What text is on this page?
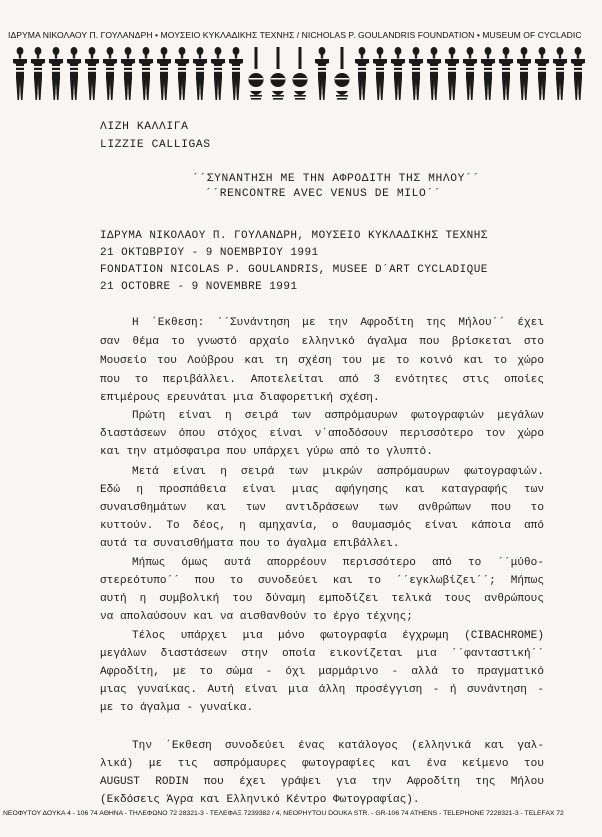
ΙΔΡΥΜΑ ΝΙΚΟΛΑΟΥ Π. ΓΟΥΛΑΝΔΡΗ • ΜΟΥΣΕΙΟ ΚΥΚΛΑΔΙΚΗΣ ΤΕΧΝΗΣ / NICHOLAS P. GOULANDRIS FOUNDATION • MUSEUM OF CYCLADIC
ΛΙΖΗ ΚΑΛΛΙΓΑ
LIZZIE CALLIGAS
´´ΣΥΝΑΝΤΗΣΗ ΜΕ ΤΗΝ ΑΦΡΟΔΙΤΗ ΤΗΣ ΜΗΛΟΥ´´
´´RENCONTRE AVEC VENUS DE MILO´´
ΙΔΡΥΜΑ ΝΙΚΟΛΑΟΥ Π. ΓΟΥΛΑΝΔΡΗ, ΜΟΥΣΕΙΟ ΚΥΚΛΑΔΙΚΗΣ ΤΕΧΝΗΣ
21 ΟΚΤΩΒΡΙΟΥ - 9 ΝΟΕΜΒΡΙΟΥ 1991
FONDATION NICOLAS P. GOULANDRIS, MUSEE D´ART CYCLADIQUE
21 OCTOBRE - 9 NOVEMBRE 1991
Η ΄Εκθεση: ´´Συνάντηση με την Αφροδίτη της Μήλου´´ έχει
σαν θέμα το γνωστό αρχαίο ελληνικό άγαλμα που βρίσκεται στο
Μουσείο του Λούβρου και τη σχέση του με το κοινό και το χώρο
που το περιβάλλει. Αποτελείται από 3 ενότητες στις οποίες
επιμέρους ερευνάται μια διαφορετική σχέση.
Πρώτη είναι η σειρά των ασπρόμαυρων φωτογραφιών μεγάλων
διαστάσεων όπου στόχος είναι ν΄αποδόσουν περισσότερο τον χώρο
και την ατμόσφαιρα που υπάρχει γύρω από το γλυπτό.
Μετά είναι η σειρά των μικρών ασπρόμαυρων φωτογραφιών.
Εδώ η προσπάθεια είναι μιας αφήγησης και καταγραφής των
συναισθημάτων και των αντιδράσεων των ανθρώπων που το
κυττούν. Το δέος, η αμηχανία, ο θαυμασμός είναι κάποια από
αυτά τα συναισθήματα που το άγαλμα επιβάλλει.
Μήπως όμως αυτά απορρέουν περισσότερο από το ´´μύθο-
στερεότυπο´´ που το συνοδεύει και το ´´εγκλωβίζει´´; Μήπως
αυτή η συμβολική του δύναμη εμποδίζει τελικά τους ανθρώπους
να απολαύσουν και να αισθανθούν το έργο τέχνης;
Τέλος υπάρχει μια μόνο φωτογραφία έγχρωμη (CIBACHROME)
μεγάλων διαστάσεων στην οποία εικονίζεται μια ´´φανταστική´´
Αφροδίτη, με το σώμα - όχι μαρμάρινο - αλλά το πραγματικό
μιας γυναίκας. Αυτή είναι μια άλλη προσέγγιση - ή συνάντηση -
με το άγαλμα - γυναίκα.
Την ΄Εκθεση συνοδεύει ένας κατάλογος (ελληνικά και γαλ-
λικά) με τις ασπρόμαυρες φωτογραφίες και ένα κείμενο του
AUGUST RODIN που έχει γράψει για την Αφροδίτη της Μήλου
(Εκδόσεις Άγρα και Ελληνικό Κέντρο Φωτογραφίας).
ΝΕΟΦΥΤΟΥ ΔΟΥΚΑ 4 - 106 74 ΑΘΗΝΑ - ΤΗΛΕΦΩΝΟ 72 28321-3 - ΤΕΛΕΦΑΞ 7239382 / 4, NEOPHYTOU DOUKA STR. - GR-106 74 ATHENS - TELEPHONE 7228321-3 - TELEFAX 72
